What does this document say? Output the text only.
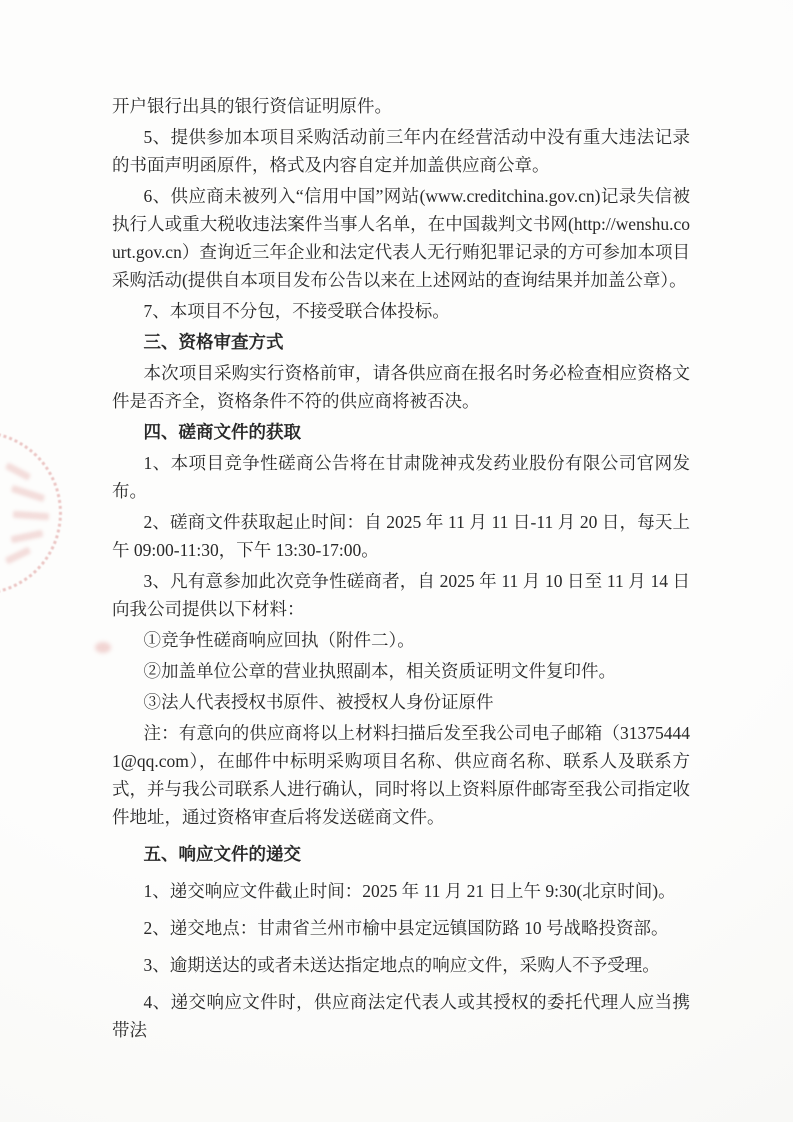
开户银行出具的银行资信证明原件。

5、提供参加本项目采购活动前三年内在经营活动中没有重大违法记录的书面声明函原件，格式及内容自定并加盖供应商公章。

6、供应商未被列入“信用中国”网站(www.creditchina.gov.cn)记录失信被执行人或重大税收违法案件当事人名单，在中国裁判文书网(http://wenshu.court.gov.cn）查询近三年企业和法定代表人无行贿犯罪记录的方可参加本项目采购活动(提供自本项目发布公告以来在上述网站的查询结果并加盖公章）。

7、本项目不分包，不接受联合体投标。

三、资格审查方式

本次项目采购实行资格前审，请各供应商在报名时务必检查相应资格文件是否齐全，资格条件不符的供应商将被否决。

四、磋商文件的获取

1、本项目竞争性磋商公告将在甘肃陇神戎发药业股份有限公司官网发布。

2、磋商文件获取起止时间：自 2025 年 11 月 11 日-11 月 20 日，每天上午 09:00-11:30，下午 13:30-17:00。

3、凡有意参加此次竞争性磋商者，自 2025 年 11 月 10 日至 11 月 14 日向我公司提供以下材料：

①竞争性磋商响应回执（附件二）。

②加盖单位公章的营业执照副本，相关资质证明文件复印件。

③法人代表授权书原件、被授权人身份证原件

注：有意向的供应商将以上材料扫描后发至我公司电子邮箱（313754441@qq.com），在邮件中标明采购项目名称、供应商名称、联系人及联系方式，并与我公司联系人进行确认，同时将以上资料原件邮寄至我公司指定收件地址，通过资格审查后将发送磋商文件。

五、响应文件的递交

1、递交响应文件截止时间：2025 年 11 月 21 日上午 9:30(北京时间)。

2、递交地点：甘肃省兰州市榆中县定远镇国防路 10 号战略投资部。

3、逾期送达的或者未送达指定地点的响应文件，采购人不予受理。

4、递交响应文件时，供应商法定代表人或其授权的委托代理人应当携带法
